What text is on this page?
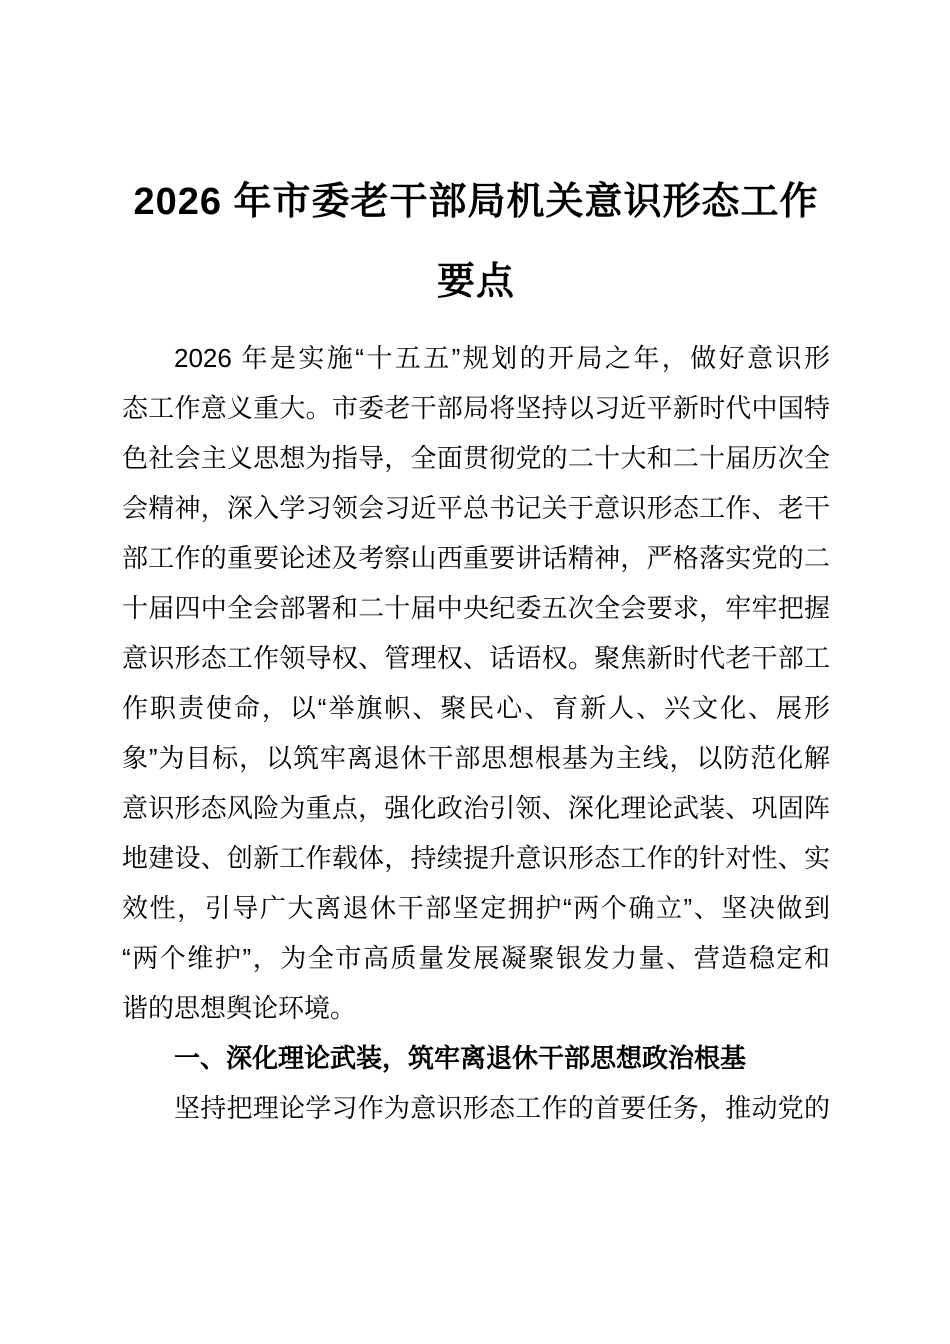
2026 年市委老干部局机关意识形态工作
要点
2026 年是实施“十五五”规划的开局之年，做好意识形
态工作意义重大。市委老干部局将坚持以习近平新时代中国特
色社会主义思想为指导，全面贯彻党的二十大和二十届历次全
会精神，深入学习领会习近平总书记关于意识形态工作、老干
部工作的重要论述及考察山西重要讲话精神，严格落实党的二
十届四中全会部署和二十届中央纪委五次全会要求，牢牢把握
意识形态工作领导权、管理权、话语权。聚焦新时代老干部工
作职责使命，以“举旗帜、聚民心、育新人、兴文化、展形
象”为目标，以筑牢离退休干部思想根基为主线，以防范化解
意识形态风险为重点，强化政治引领、深化理论武装、巩固阵
地建设、创新工作载体，持续提升意识形态工作的针对性、实
效性，引导广大离退休干部坚定拥护“两个确立”、坚决做到
“两个维护”，为全市高质量发展凝聚银发力量、营造稳定和
谐的思想舆论环境。
一、深化理论武装，筑牢离退休干部思想政治根基
坚持把理论学习作为意识形态工作的首要任务，推动党的
